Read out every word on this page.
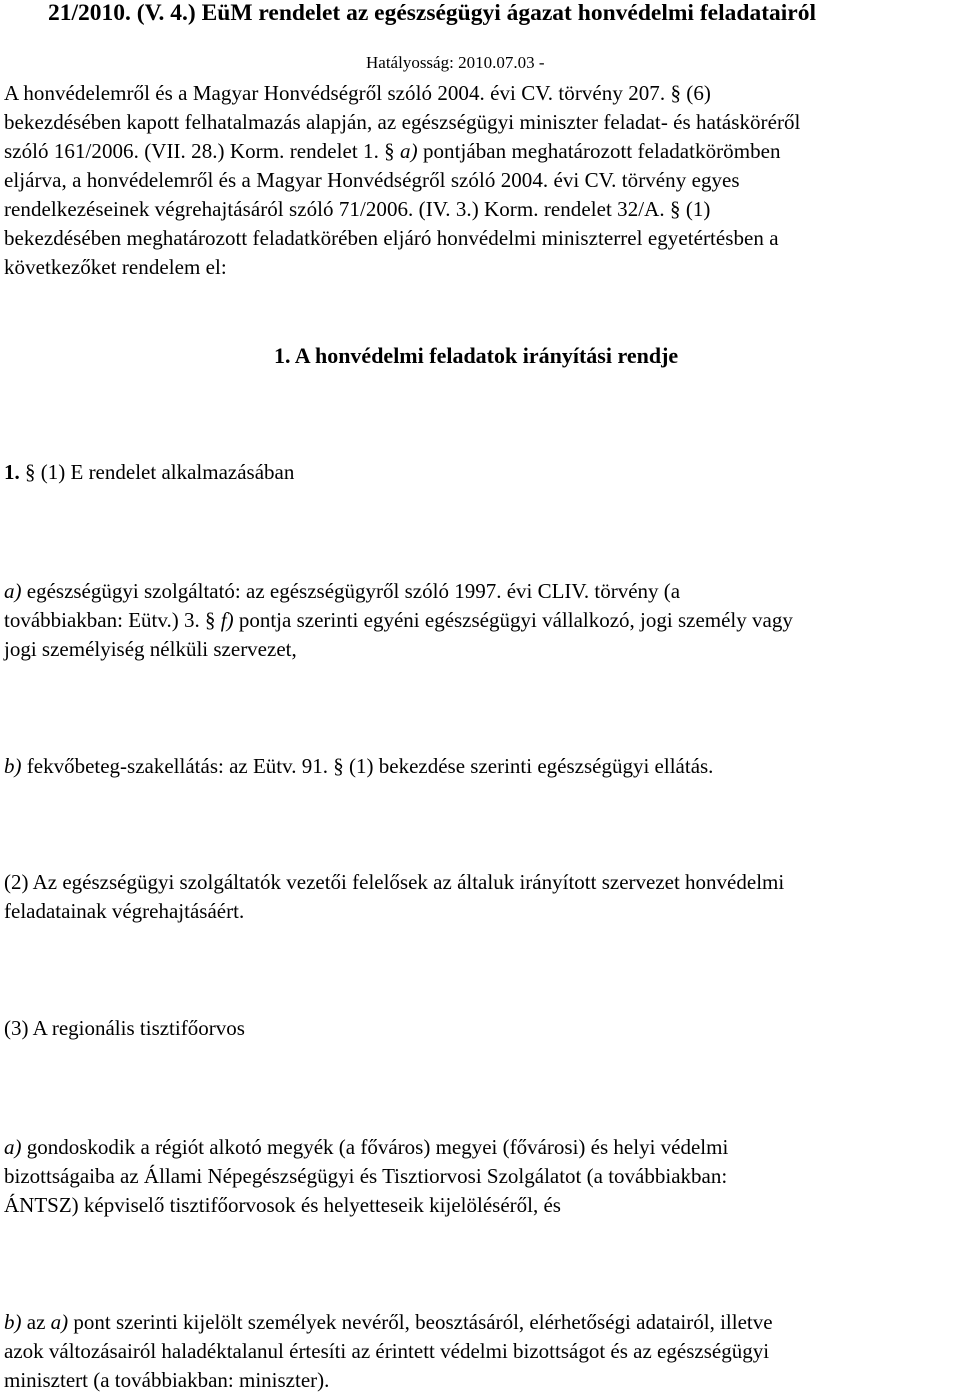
21/2010. (V. 4.) EüM rendelet az egészségügyi ágazat honvédelmi feladatairól
Hatályosság: 2010.07.03 -
A honvédelemről és a Magyar Honvédségről szóló 2004. évi CV. törvény 207. § (6)
bekezdésében kapott felhatalmazás alapján, az egészségügyi miniszter feladat- és hatásköréről
szóló 161/2006. (VII. 28.) Korm. rendelet 1. § a) pontjában meghatározott feladatkörömben
eljárva, a honvédelemről és a Magyar Honvédségről szóló 2004. évi CV. törvény egyes
rendelkezéseinek végrehajtásáról szóló 71/2006. (IV. 3.) Korm. rendelet 32/A. § (1)
bekezdésében meghatározott feladatkörében eljáró honvédelmi miniszterrel egyetértésben a
következőket rendelem el:
1. A honvédelmi feladatok irányítási rendje
1. § (1) E rendelet alkalmazásában
a) egészségügyi szolgáltató: az egészségügyről szóló 1997. évi CLIV. törvény (a
továbbiakban: Eütv.) 3. § f) pontja szerinti egyéni egészségügyi vállalkozó, jogi személy vagy
jogi személyiség nélküli szervezet,
b) fekvőbeteg-szakellátás: az Eütv. 91. § (1) bekezdése szerinti egészségügyi ellátás.
(2) Az egészségügyi szolgáltatók vezetői felelősek az általuk irányított szervezet honvédelmi
feladatainak végrehajtásáért.
(3) A regionális tisztifőorvos
a) gondoskodik a régiót alkotó megyék (a főváros) megyei (fővárosi) és helyi védelmi
bizottságaiba az Állami Népegészségügyi és Tisztiorvosi Szolgálatot (a továbbiakban:
ÁNTSZ) képviselő tisztifőorvosok és helyetteseik kijelöléséről, és
b) az a) pont szerinti kijelölt személyek nevéről, beosztásáról, elérhetőségi adatairól, illetve
azok változásairól haladéktalanul értesíti az érintett védelmi bizottságot és az egészségügyi
minisztert (a továbbiakban: miniszter).
